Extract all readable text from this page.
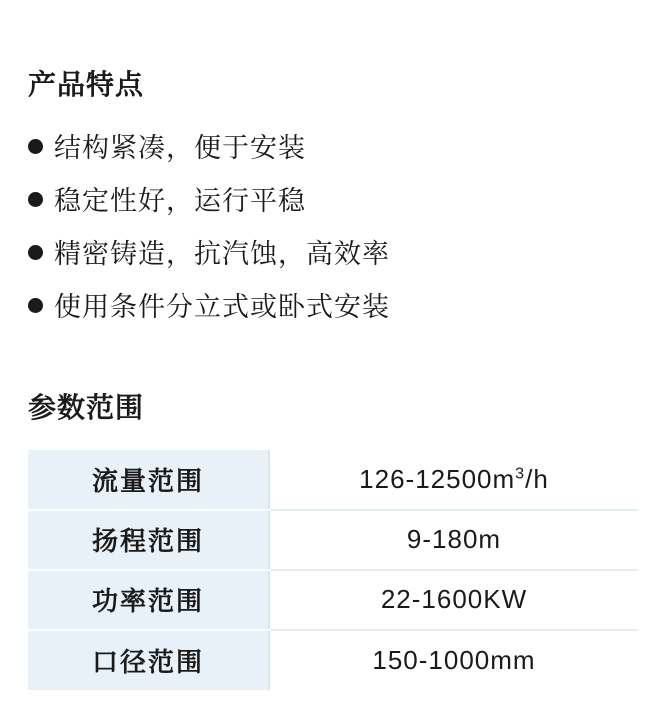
产品特点
结构紧凑，便于安装
稳定性好，运行平稳
精密铸造，抗汽蚀，高效率
使用条件分立式或卧式安装
参数范围
流量范围	$126-12500m^3/h$
扬程范围	9-180m
功率范围	22-1600KW
口径范围	150-1000mm
